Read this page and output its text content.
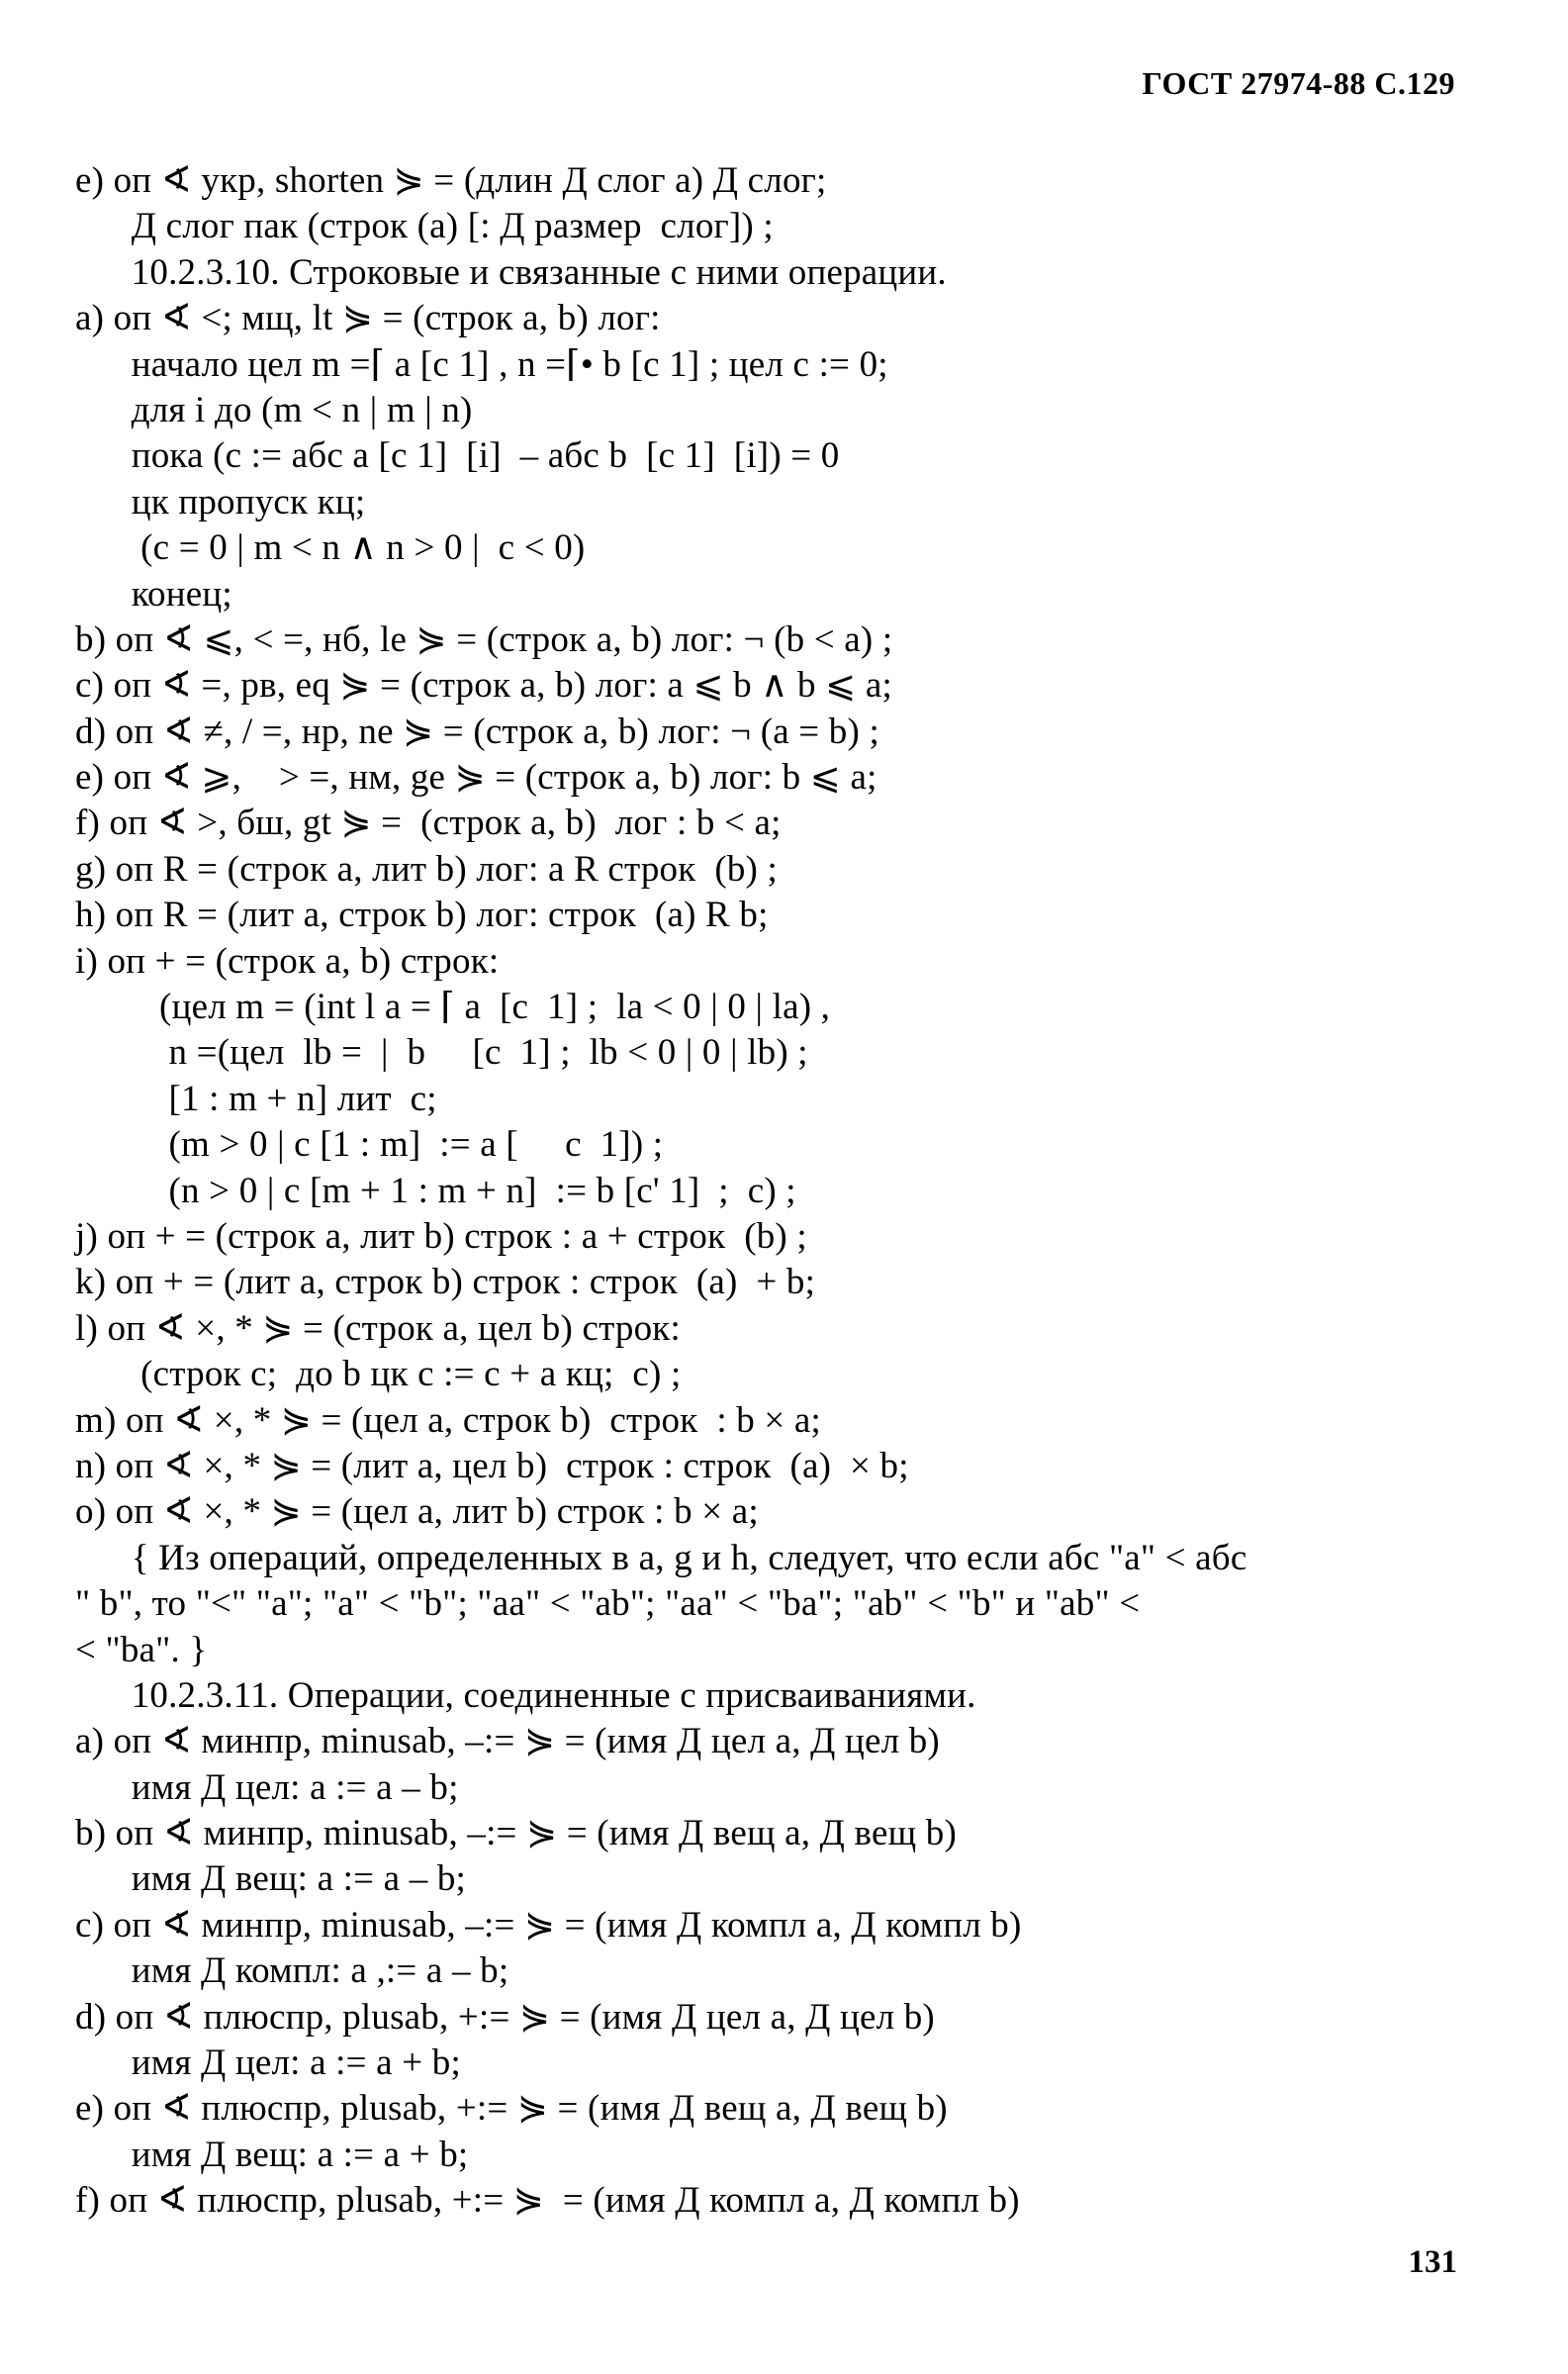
ГОСТ 27974-88 С.129
e) оп ∢ укр, shorten ⋟ = (длин Д слог a) Д слог;
Д слог пак (строк (a) [: Д размер  слог]) ;
10.2.3.10. Строковые и связанные с ними операции.
a) оп ∢ <; мщ, lt ⋟ = (строк a, b) лог:
начало цел m =⌈ a [c 1] , n =⌈• b [c 1] ; цел c := 0;
для i до (m < n | m | n)
пока (c := абс a [c 1]  [i]  – абс b  [c 1]  [i]) = 0
цк пропуск кц;
(c = 0 | m < n ∧ n > 0 |  c < 0)
конец;
b) оп ∢ ⩽, < =, нб, le ⋟ = (строк a, b) лог: ¬ (b < a) ;
c) оп ∢ =, рв, eq ⋟ = (строк a, b) лог: a ⩽ b ∧ b ⩽ a;
d) оп ∢ ≠, / =, нр, ne ⋟ = (строк a, b) лог: ¬ (a = b) ;
e) оп ∢ ⩾,    > =, нм, ge ⋟ = (строк a, b) лог: b ⩽ a;
f) оп ∢ >, бш, gt ⋟ =  (строк a, b)  лог : b < a;
g) оп R = (строк a, лит b) лог: a R строк  (b) ;
h) оп R = (лит a, строк b) лог: строк  (a) R b;
i) оп + = (строк a, b) строк:
(цел m = (int l a = ⌈ a  [c  1] ;  la < 0 | 0 | la) ,
n =(цел  lb =  |  b     [c  1] ;  lb < 0 | 0 | lb) ;
[1 : m + n] лит  c;
(m > 0 | c [1 : m]  := a [     c  1]) ;
(n > 0 | c [m + 1 : m + n]  := b [c' 1]  ;  c) ;
j) оп + = (строк a, лит b) строк : a + строк  (b) ;
k) оп + = (лит a, строк b) строк : строк  (a)  + b;
l) оп ∢ ×, * ⋟ = (строк a, цел b) строк:
(строк c;  до b цк c := c + a кц;  c) ;
m) оп ∢ ×, * ⋟ = (цел a, строк b)  строк  : b × a;
n) оп ∢ ×, * ⋟ = (лит a, цел b)  строк : строк  (a)  × b;
o) оп ∢ ×, * ⋟ = (цел a, лит b) строк : b × a;
{ Из операций, определенных в a, g и h, следует, что если абс "a" < абс
" b", то "<" "a"; "a" < "b"; "aa" < "ab"; "aa" < "ba"; "ab" < "b" и "ab" <
< "ba". }
10.2.3.11. Операции, соединенные с присваиваниями.
a) оп ∢ минпр, minusab, –:= ⋟ = (имя Д цел a, Д цел b)
имя Д цел: a := a – b;
b) оп ∢ минпр, minusab, –:= ⋟ = (имя Д вещ a, Д вещ b)
имя Д вещ: a := a – b;
c) оп ∢ минпр, minusab, –:= ⋟ = (имя Д компл a, Д компл b)
имя Д компл: a ,:= a – b;
d) оп ∢ плюспр, plusab, +:= ⋟ = (имя Д цел a, Д цел b)
имя Д цел: a := a + b;
e) оп ∢ плюспр, plusab, +:= ⋟ = (имя Д вещ a, Д вещ b)
имя Д вещ: a := a + b;
f) оп ∢ плюспр, plusab, +:= ⋟  = (имя Д компл a, Д компл b)
131
